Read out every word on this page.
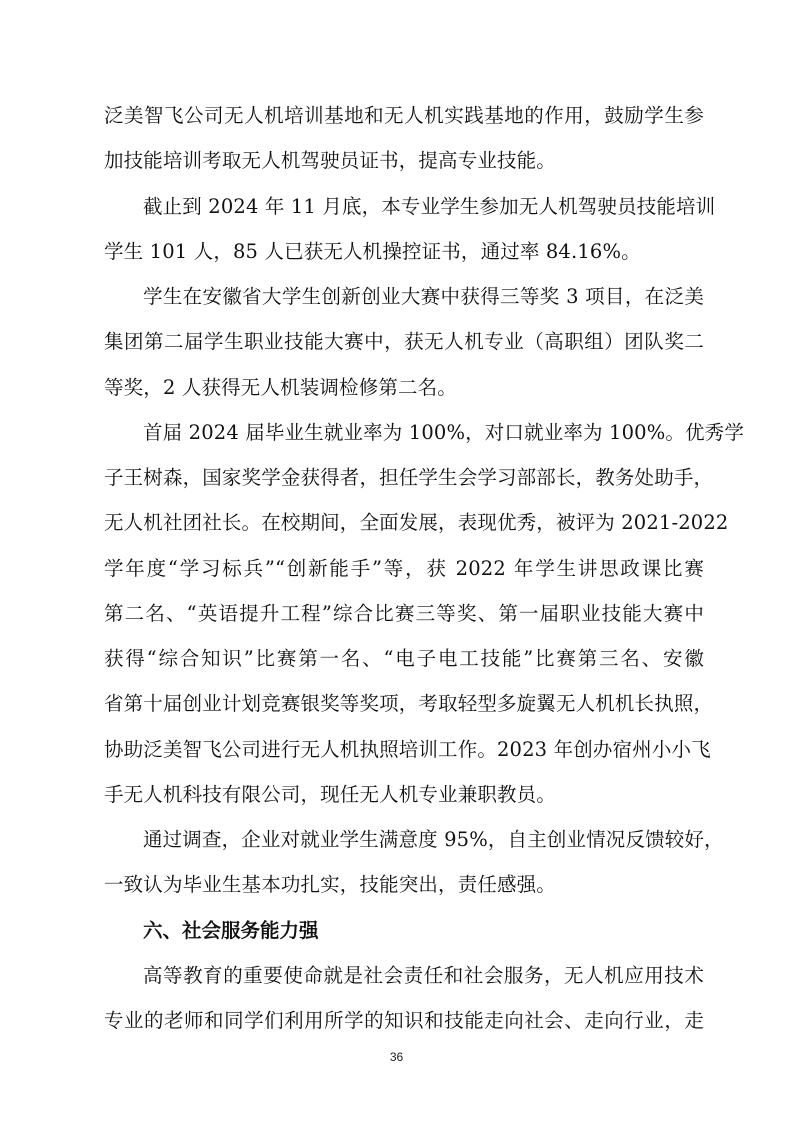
泛美智飞公司无人机培训基地和无人机实践基地的作用，鼓励学生参
加技能培训考取无人机驾驶员证书，提高专业技能。
截止到 2024 年 11 月底，本专业学生参加无人机驾驶员技能培训
学生 101 人，85 人已获无人机操控证书，通过率 84.16%。
学生在安徽省大学生创新创业大赛中获得三等奖 3 项目，在泛美
集团第二届学生职业技能大赛中，获无人机专业（高职组）团队奖二
等奖，2 人获得无人机装调检修第二名。
首届 2024 届毕业生就业率为 100%，对口就业率为 100%。优秀学
子王树森，国家奖学金获得者，担任学生会学习部部长，教务处助手，
无人机社团社长。在校期间，全面发展，表现优秀，被评为 2021-2022
学年度“学习标兵”“创新能手”等，获 2022 年学生讲思政课比赛
第二名、“英语提升工程”综合比赛三等奖、第一届职业技能大赛中
获得“综合知识”比赛第一名、“电子电工技能”比赛第三名、安徽
省第十届创业计划竞赛银奖等奖项，考取轻型多旋翼无人机机长执照，
协助泛美智飞公司进行无人机执照培训工作。2023 年创办宿州小小飞
手无人机科技有限公司，现任无人机专业兼职教员。
通过调查，企业对就业学生满意度 95%，自主创业情况反馈较好，
一致认为毕业生基本功扎实，技能突出，责任感强。
六、社会服务能力强
高等教育的重要使命就是社会责任和社会服务，无人机应用技术
专业的老师和同学们利用所学的知识和技能走向社会、走向行业，走
36
